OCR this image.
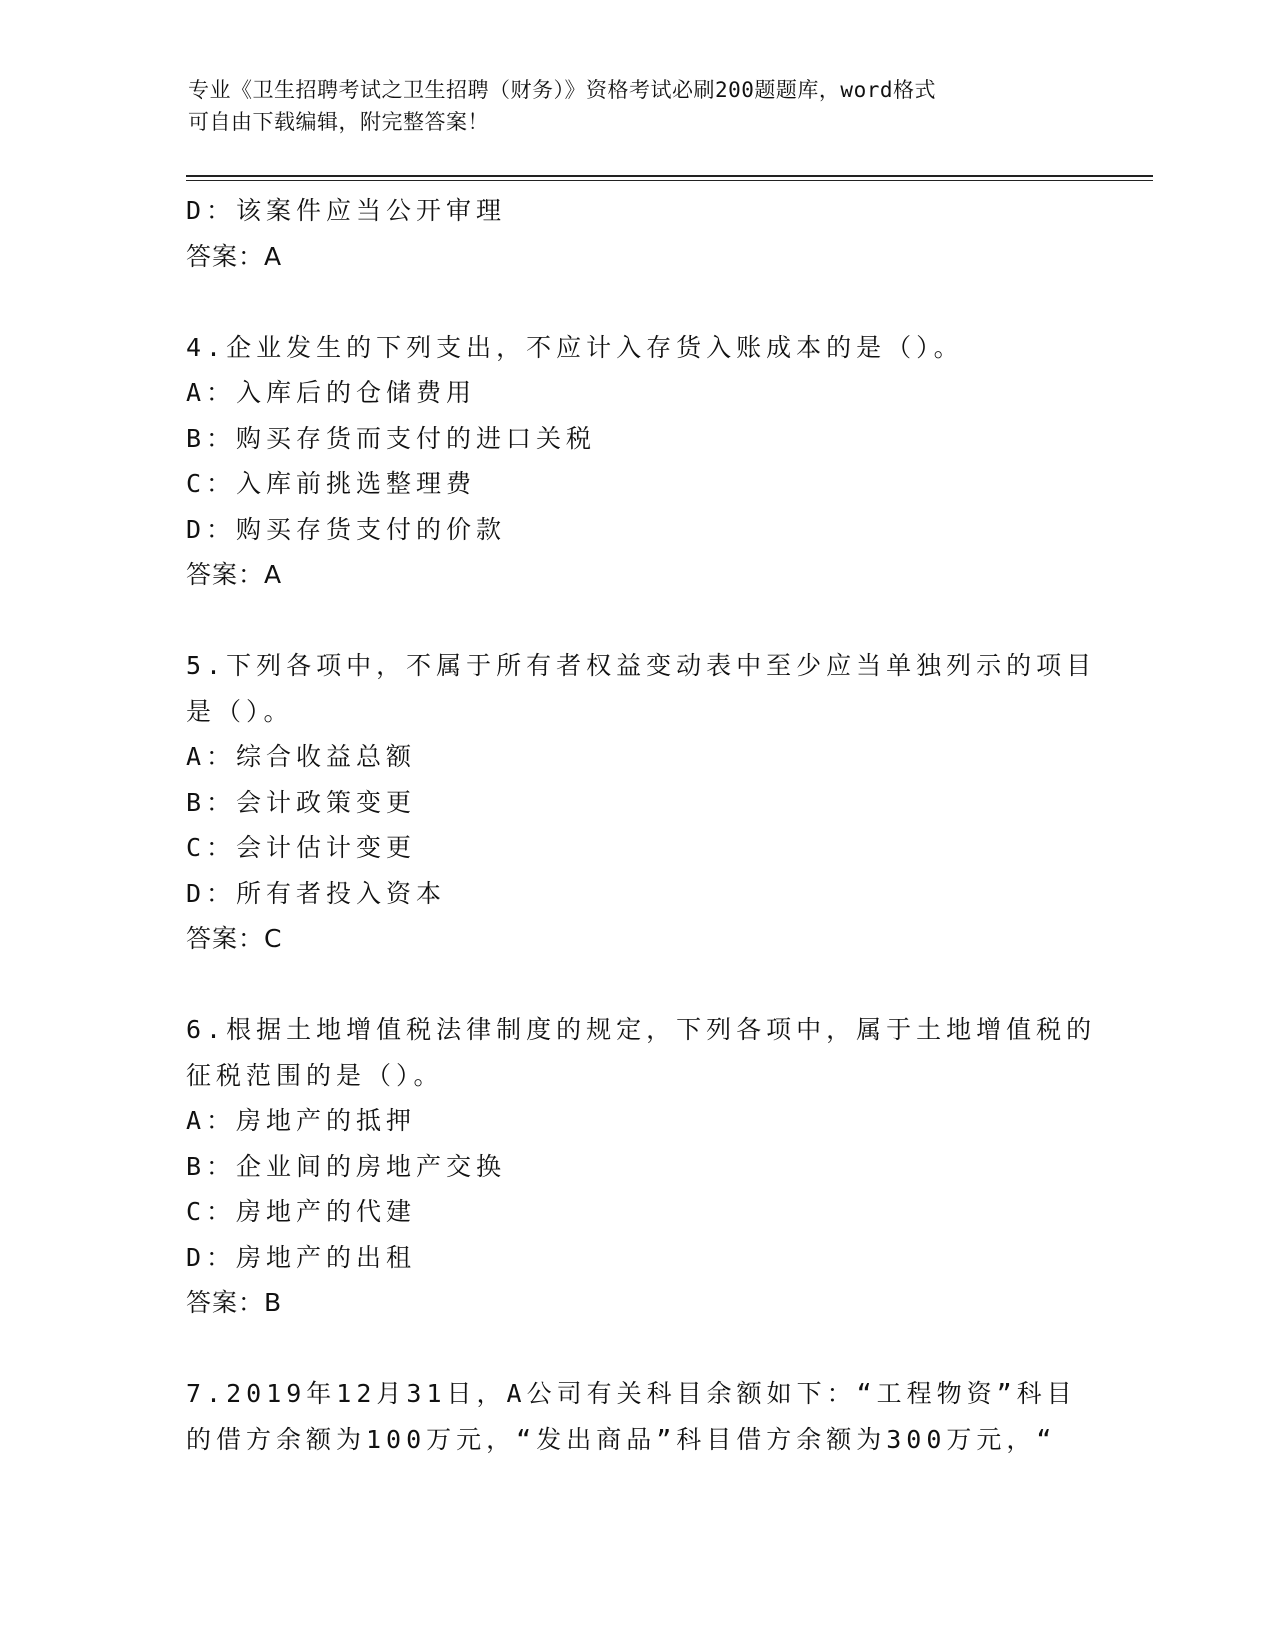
专业《卫生招聘考试之卫生招聘（财务）》资格考试必刷200题题库，word格式
可自由下载编辑，附完整答案！
D：该案件应当公开审理
答案：A
4.企业发生的下列支出，不应计入存货入账成本的是（）。
A：入库后的仓储费用
B：购买存货而支付的进口关税
C：入库前挑选整理费
D：购买存货支付的价款
答案：A
5.下列各项中，不属于所有者权益变动表中至少应当单独列示的项目
是（）。
A：综合收益总额
B：会计政策变更
C：会计估计变更
D：所有者投入资本
答案：C
6.根据土地增值税法律制度的规定，下列各项中，属于土地增值税的
征税范围的是（）。
A：房地产的抵押
B：企业间的房地产交换
C：房地产的代建
D：房地产的出租
答案：B
7.2019年12月31日，A公司有关科目余额如下：“工程物资”科目
的借方余额为100万元，“发出商品”科目借方余额为300万元，“
